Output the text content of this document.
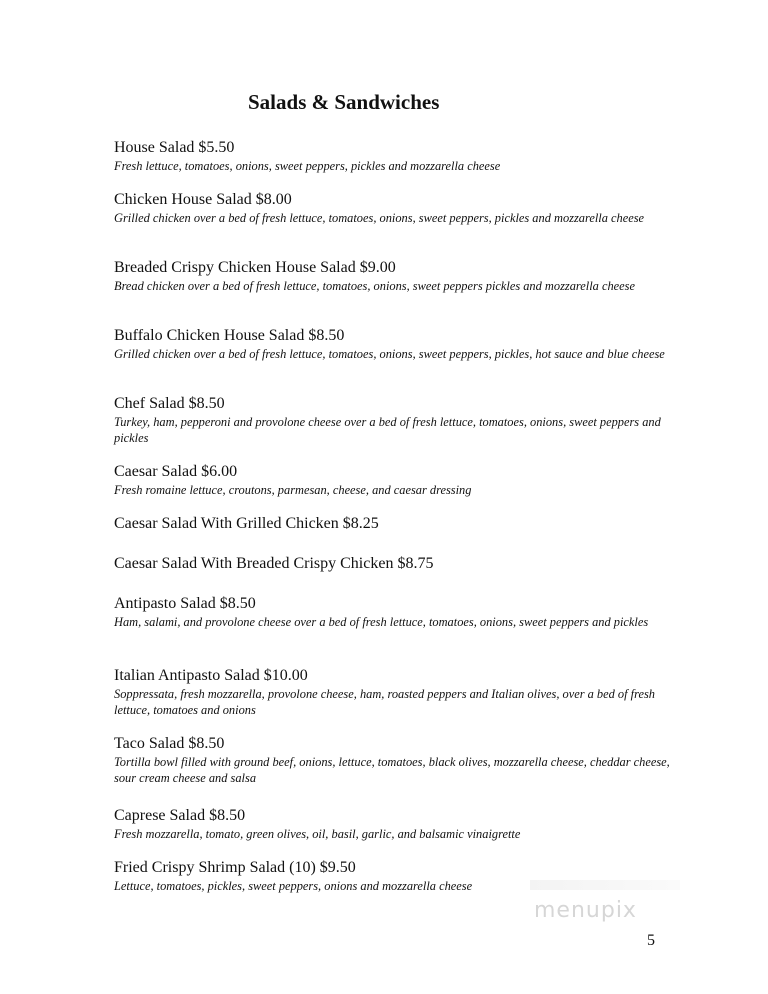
Salads & Sandwiches
House Salad $5.50
Fresh lettuce, tomatoes, onions, sweet peppers, pickles and mozzarella cheese
Chicken House Salad $8.00
Grilled chicken over a bed of fresh lettuce, tomatoes, onions, sweet peppers, pickles and mozzarella cheese
Breaded Crispy Chicken House Salad $9.00
Bread chicken over a bed of fresh lettuce, tomatoes, onions, sweet peppers pickles and mozzarella cheese
Buffalo Chicken House Salad $8.50
Grilled chicken over a bed of fresh lettuce, tomatoes, onions, sweet peppers, pickles, hot sauce and blue cheese
Chef Salad $8.50
Turkey, ham, pepperoni and provolone cheese over a bed of fresh lettuce, tomatoes, onions, sweet peppers and pickles
Caesar Salad $6.00
Fresh romaine lettuce, croutons, parmesan, cheese, and caesar dressing
Caesar Salad With Grilled Chicken $8.25
Caesar Salad With Breaded Crispy Chicken $8.75
Antipasto Salad $8.50
Ham, salami, and provolone cheese over a bed of fresh lettuce, tomatoes, onions, sweet peppers and pickles
Italian Antipasto Salad $10.00
Soppressata, fresh mozzarella, provolone cheese, ham, roasted peppers and Italian olives, over a bed of fresh lettuce, tomatoes and onions
Taco Salad $8.50
Tortilla bowl filled with ground beef, onions, lettuce, tomatoes, black olives, mozzarella cheese, cheddar cheese, sour cream cheese and salsa
Caprese Salad $8.50
Fresh mozzarella, tomato, green olives, oil, basil, garlic, and balsamic vinaigrette
Fried Crispy Shrimp Salad (10) $9.50
Lettuce, tomatoes, pickles, sweet peppers, onions and mozzarella cheese
menupix
5
